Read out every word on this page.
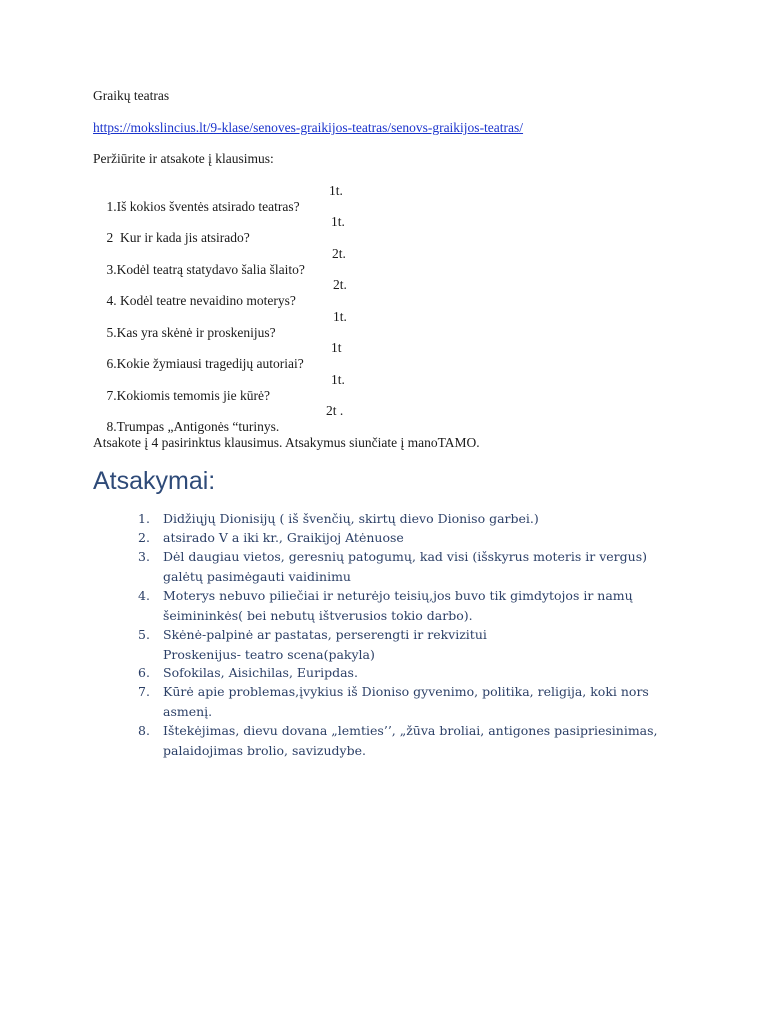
Graikų teatras
https://mokslincius.lt/9-klase/senoves-graikijos-teatras/senovs-graikijos-teatras/
Peržiūrite ir atsakote į klausimus:

1.Iš kokios šventės atsirado teatras?

1t.

2  Kur ir kada jis atsirado?

1t.

3.Kodėl teatrą statydavo šalia šlaito?

2t.

4. Kodėl teatre nevaidino moterys?

2t.

5.Kas yra skėnė ir proskenijus?

1t.

6.Kokie žymiausi tragedijų autoriai?

1t

7.Kokiomis temomis jie kūrė?

1t.

8.Trumpas „Antigonės “turinys.

2t .

Atsakote į 4 pasirinktus klausimus. Atsakymus siunčiate į manoTAMO.
Atsakymai:
1. Didžiųjų Dionisijų ( iš švenčių, skirtų dievo Dioniso garbei.)
2. atsirado V a iki kr., Graikijoj Atėnuose
3. Dėl daugiau vietos, geresnių patogumų, kad visi (išskyrus moteris ir vergus)
galėtų pasimėgauti vaidinimu
4. Moterys nebuvo piliečiai ir neturėjo teisių,jos buvo tik gimdytojos ir namų
šeimininkės( bei nebutų ištverusios tokio darbo).
5. Skėnė-palpinė ar pastatas, perserengti ir rekvizitui
Proskenijus- teatro scena(pakyla)
6. Sofokilas, Aisichilas, Euripdas.
7. Kūrė apie problemas,įvykius iš Dioniso gyvenimo, politika, religija, koki nors
asmenį.
8. Ištekėjimas, dievu dovana „lemties’’, „žūva broliai, antigones pasipriesinimas,
palaidojimas brolio, savizudybe.
